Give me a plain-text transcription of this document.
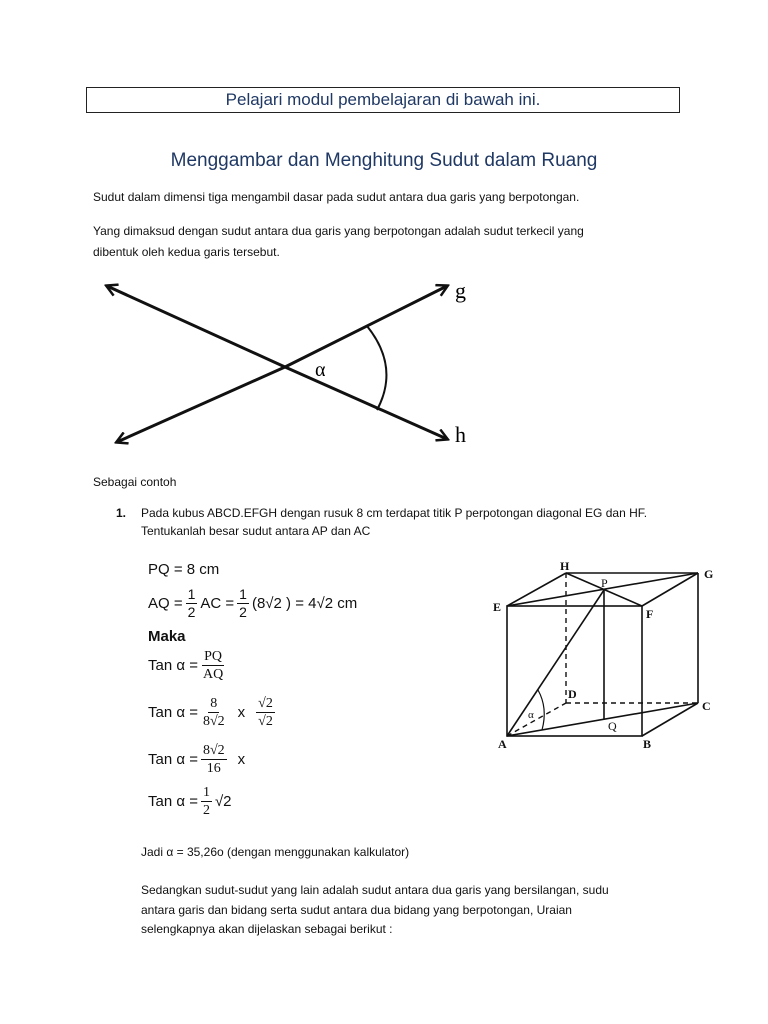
Pelajari modul pembelajaran di bawah ini.
Menggambar dan Menghitung Sudut dalam Ruang
Sudut dalam dimensi tiga mengambil dasar pada sudut antara dua garis yang berpotongan.
Yang dimaksud dengan sudut antara dua garis yang berpotongan adalah sudut terkecil yang
dibentuk oleh kedua garis tersebut.
g
h
α
Sebagai contoh
1. Pada kubus ABCD.EFGH dengan rusuk 8 cm terdapat titik P perpotongan diagonal EG dan HF.
Tentukanlah besar sudut antara AP dan AC
PQ = 8 cm
AQ = $\frac{1}{2}$ AC = $\frac{1}{2} (8√2$ ) = 4√2 cm
Maka
Tan $\alpha = \frac{PQ}{AQ}$
Tan $\alpha = \frac{8}{8√2}$ x $\frac{√2}{√2}$
Tan $\alpha = \frac{8√2}{16}$ x
Tan $\alpha = \frac{1}{2} √2$
H
G
E	F
D
C
A	B
P
Q
α
Jadi α = 35,26o (dengan menggunakan kalkulator)
Sedangkan sudut-sudut yang lain adalah sudut antara dua garis yang bersilangan, sudu
antara garis dan bidang serta sudut antara dua bidang yang berpotongan, Uraian
selengkapnya akan dijelaskan sebagai berikut :
